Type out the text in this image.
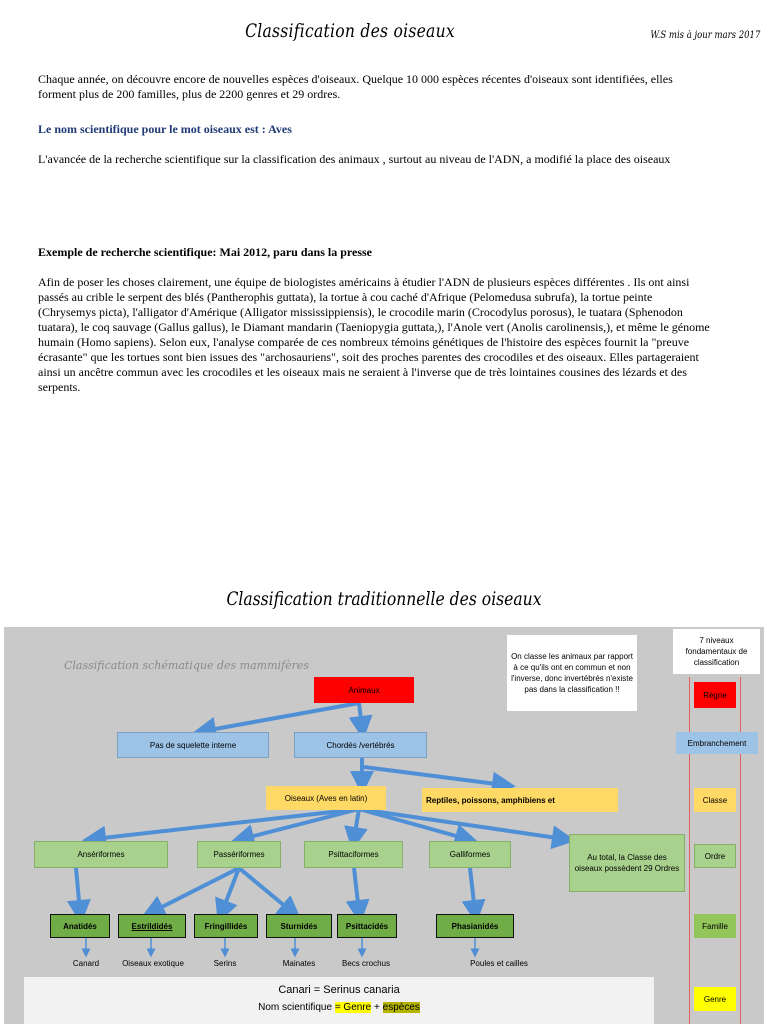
Classification des oiseaux	W.S mis à jour mars 2017
Chaque année, on découvre encore de nouvelles espèces d'oiseaux. Quelque 10 000 espèces récentes d'oiseaux sont identifiées, elles forment plus de 200 familles, plus de 2200 genres et 29 ordres.
Le nom scientifique pour le mot oiseaux est : Aves
L'avancée de la recherche scientifique sur la classification des animaux , surtout au niveau de l'ADN, a modifié la place des oiseaux
Exemple de recherche scientifique: Mai 2012, paru dans la presse
Afin de poser les choses clairement, une équipe de biologistes américains à étudier l'ADN de plusieurs espèces différentes . Ils ont ainsi passés au crible le serpent des blés (Pantherophis guttata), la tortue à cou caché d'Afrique (Pelomedusa subrufa), la tortue peinte (Chrysemys picta), l'alligator d'Amérique (Alligator mississippiensis), le crocodile marin (Crocodylus porosus), le tuatara (Sphenodon tuatara), le coq sauvage (Gallus gallus), le Diamant mandarin (Taeniopygia guttata,), l'Anole vert (Anolis carolinensis,), et même le génome humain (Homo sapiens). Selon eux, l'analyse comparée de ces nombreux témoins génétiques de l'histoire des espèces fournit la "preuve écrasante" que les tortues sont bien issues des "archosauriens", soit des proches parentes des crocodiles et des oiseaux. Elles partageraient ainsi un ancêtre commun avec les crocodiles et les oiseaux mais ne seraient à l'inverse que de très lointaines cousines des lézards et des serpents.
Classification traditionnelle des oiseaux
Classification schématique des mammifères
On classe les animaux par rapport à ce qu'ils ont en commun et non l'inverse, donc invertébrés n'existe pas dans la classification !!
7 niveaux fondamentaux de classification
Animaux
Pas de squelette interne	Chordés /vertébrés
Oiseaux (Aves en latin)	Reptiles, poissons, amphibiens et
Ansériformes	Passériformes	Psittaciformes	Galliformes	Au total, la Classe des oiseaux possèdent 29 Ordres
Anatidés	Estrildidés	Fringillidés	Sturnidés	Psittacidés	Phasianidés
Canard	Oiseaux exotique	Serins	Mainates	Becs crochus	Poules et cailles
Règne
Embranchement
Classe
Ordre
Famille
Genre
Canari = Serinus canaria
Nom scientifique = Genre + espèces
